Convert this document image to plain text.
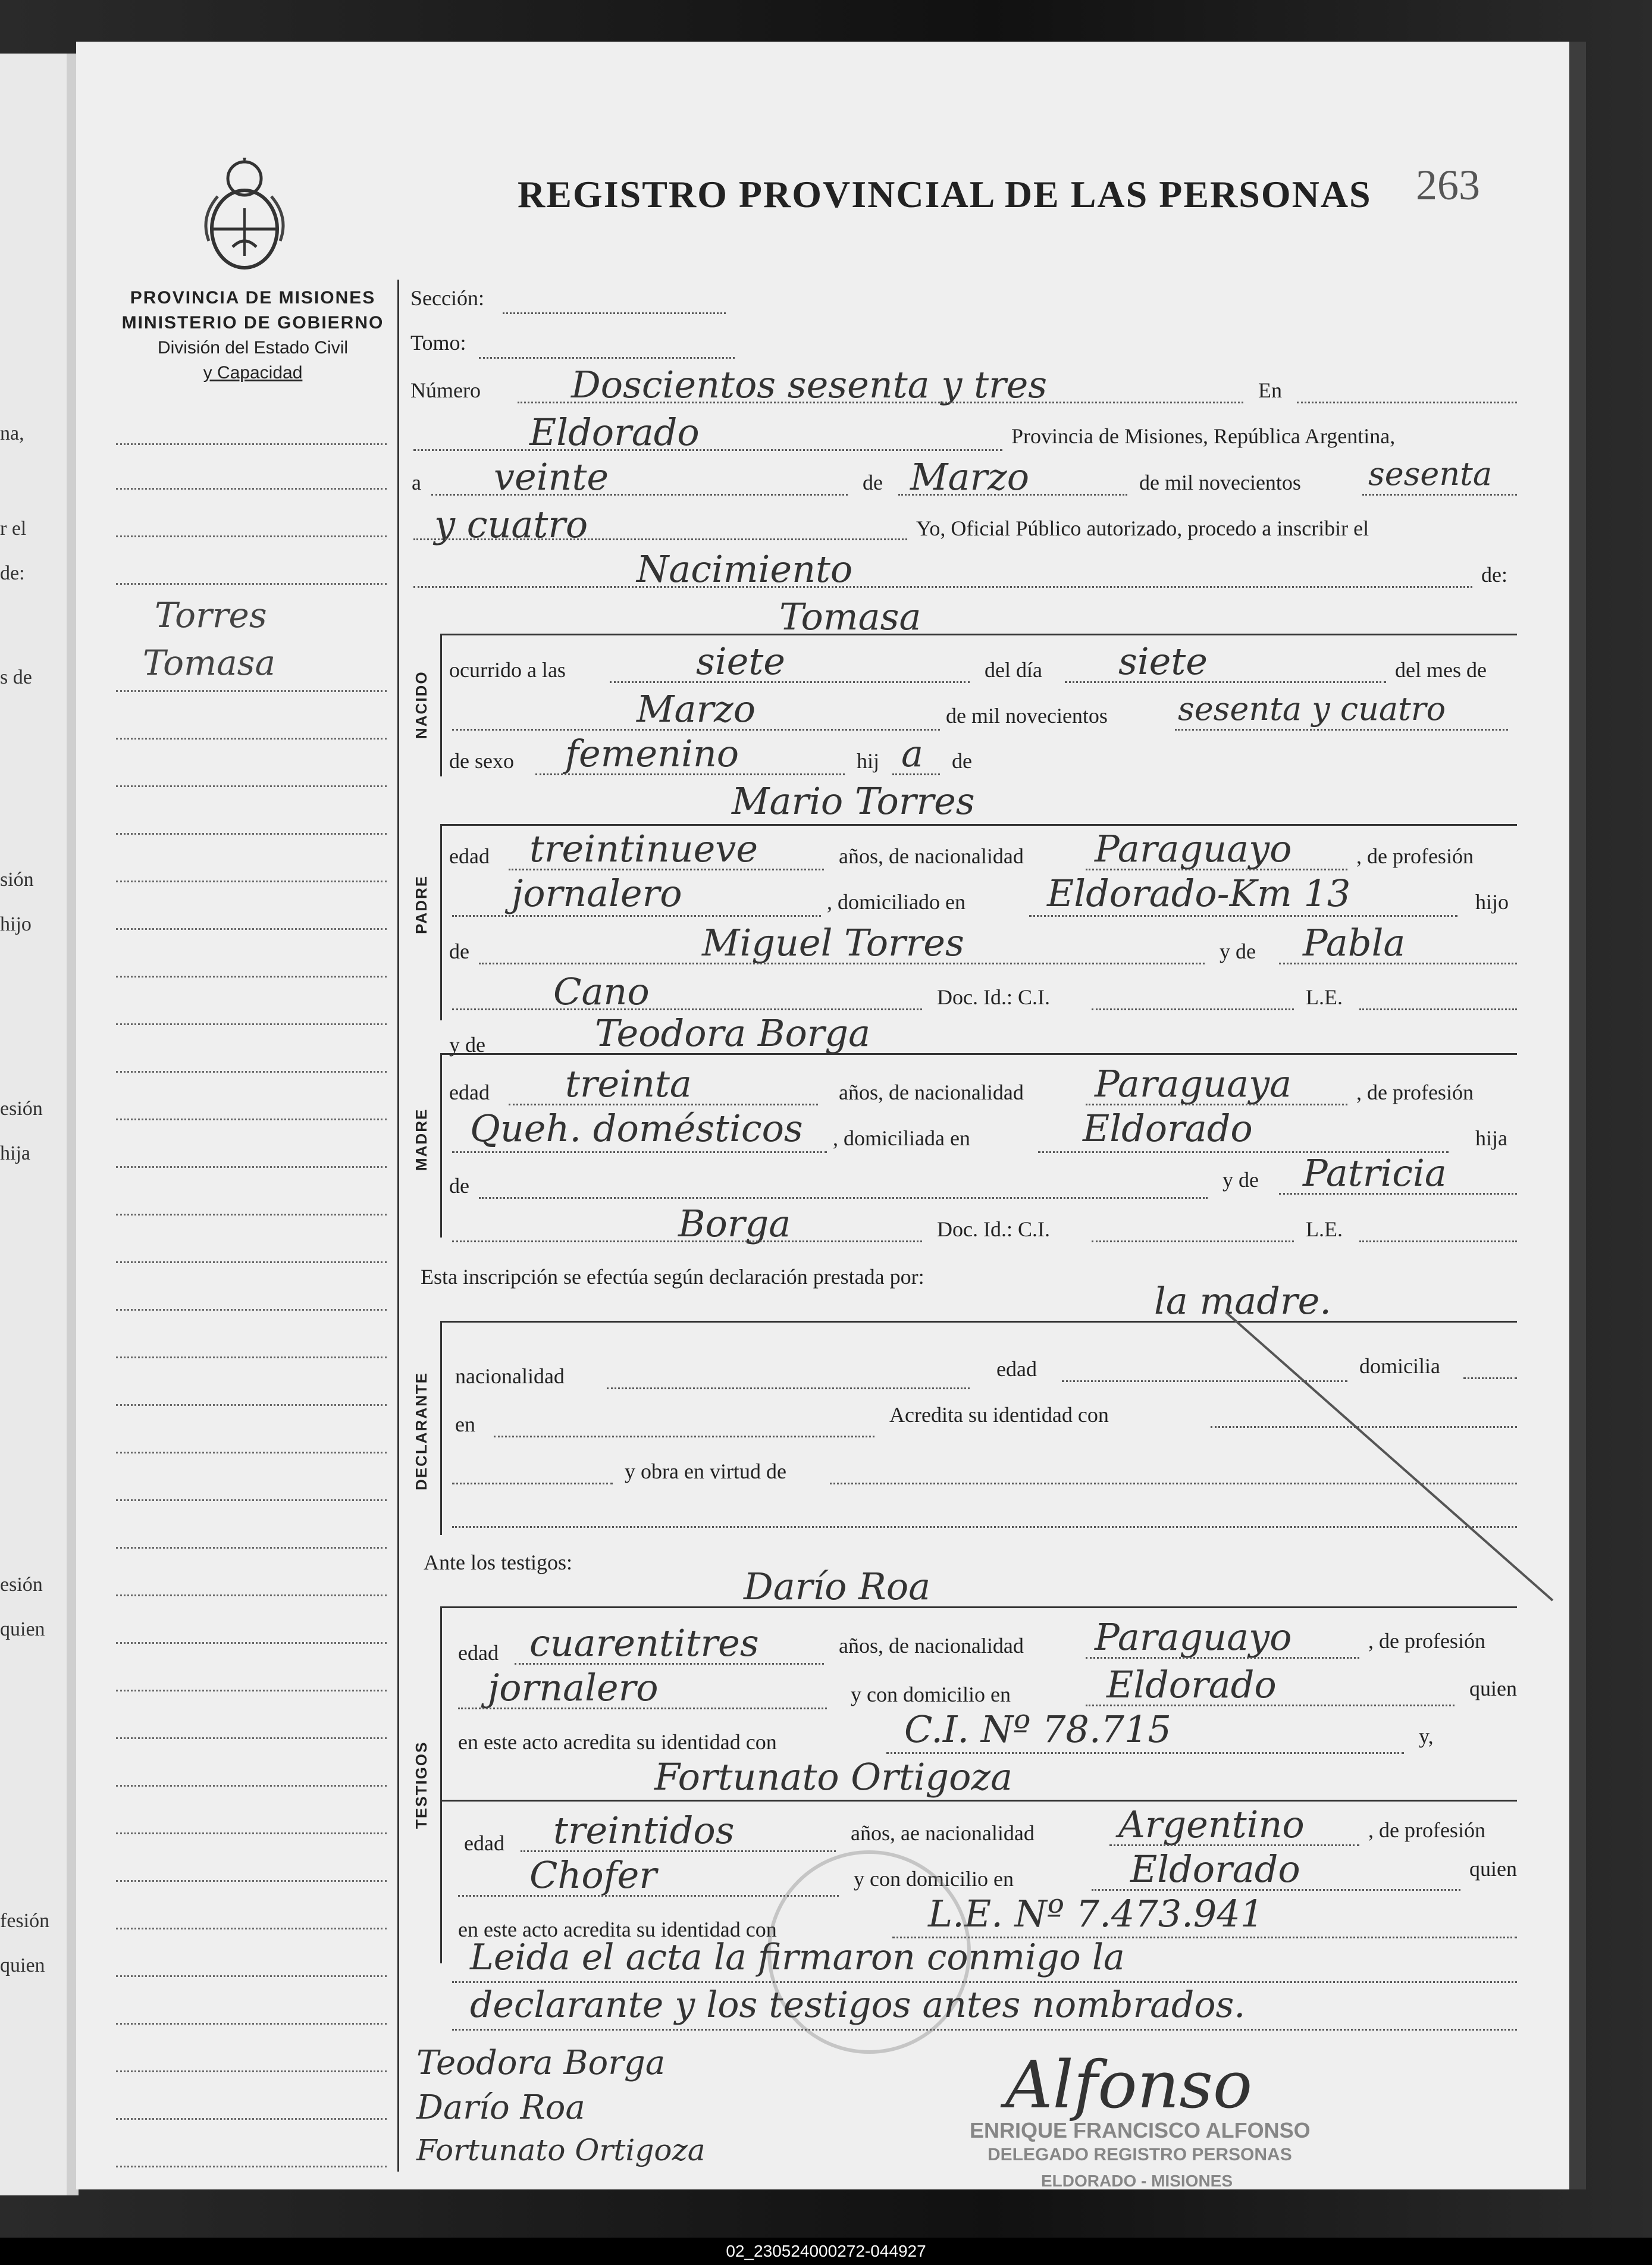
na,
r el
de:
s de
sión
hijo
esión
hija
esión
quien
fesión
quien
REGISTRO PROVINCIAL DE LAS PERSONAS 263
PROVINCIA DE MISIONES
MINISTERIO DE GOBIERNO
División del Estado Civil
y Capacidad
Torres
Tomasa
Sección:
Tomo:
Número Doscientos sesenta y tres	En
Eldorado	Provincia de Misiones, República Argentina,
a veinte	de Marzo	de mil novecientos sesenta
y cuatro	Yo, Oficial Público autorizado, procedo a inscribir el
Nacimiento	de:
Tomasa
NACIDO
ocurrido a las	siete	del día siete	del mes de
Marzo	de mil novecientos sesenta y cuatro
de sexo femenino	hij a de
Mario Torres
PADRE
edad treintinueve	años, de nacionalidad Paraguayo	, de profesión
jornalero	, domiciliado en Eldorado-Km 13	hijo
de	Miguel Torres	y de Pabla
Cano	Doc. Id.: C.I.	L.E.
y de	Teodora Borga
MADRE
edad treinta	años, de nacionalidad Paraguaya	, de profesión
Queh. domésticos , domiciliada en	Eldorado	hija
de	y de Patricia
Borga	Doc. Id.: C.I.	L.E.
Esta inscripción se efectúa según declaración prestada por:
la madre.
DECLARANTE nacionalidad	edad	domicilia
en	Acredita su identidad con
y obra en virtud de
Ante los testigos:
Darío Roa
TESTIGOS
edad cuarentitres	años, de nacionalidad Paraguayo	, de profesión
jornalero	y con domicilio en	Eldorado	quien
en este acto acredita su identidad con	C.I. Nº 78.715	y,
Fortunato Ortigoza
edad treintidos	años, ae nacionalidad Argentino	, de profesión
Chofer	y con domicilio en	Eldorado	quien
en este acto acredita su identidad con	L.E. Nº 7.473.941
Leida el acta la firmaron conmigo la
declarante y los testigos antes nombrados.
Teodora Borga
Darío Roa
Fortunato Ortigoza
Alfonso
ENRIQUE FRANCISCO ALFONSO
DELEGADO REGISTRO PERSONAS
ELDORADO - MISIONES
02_230524000272-044927
